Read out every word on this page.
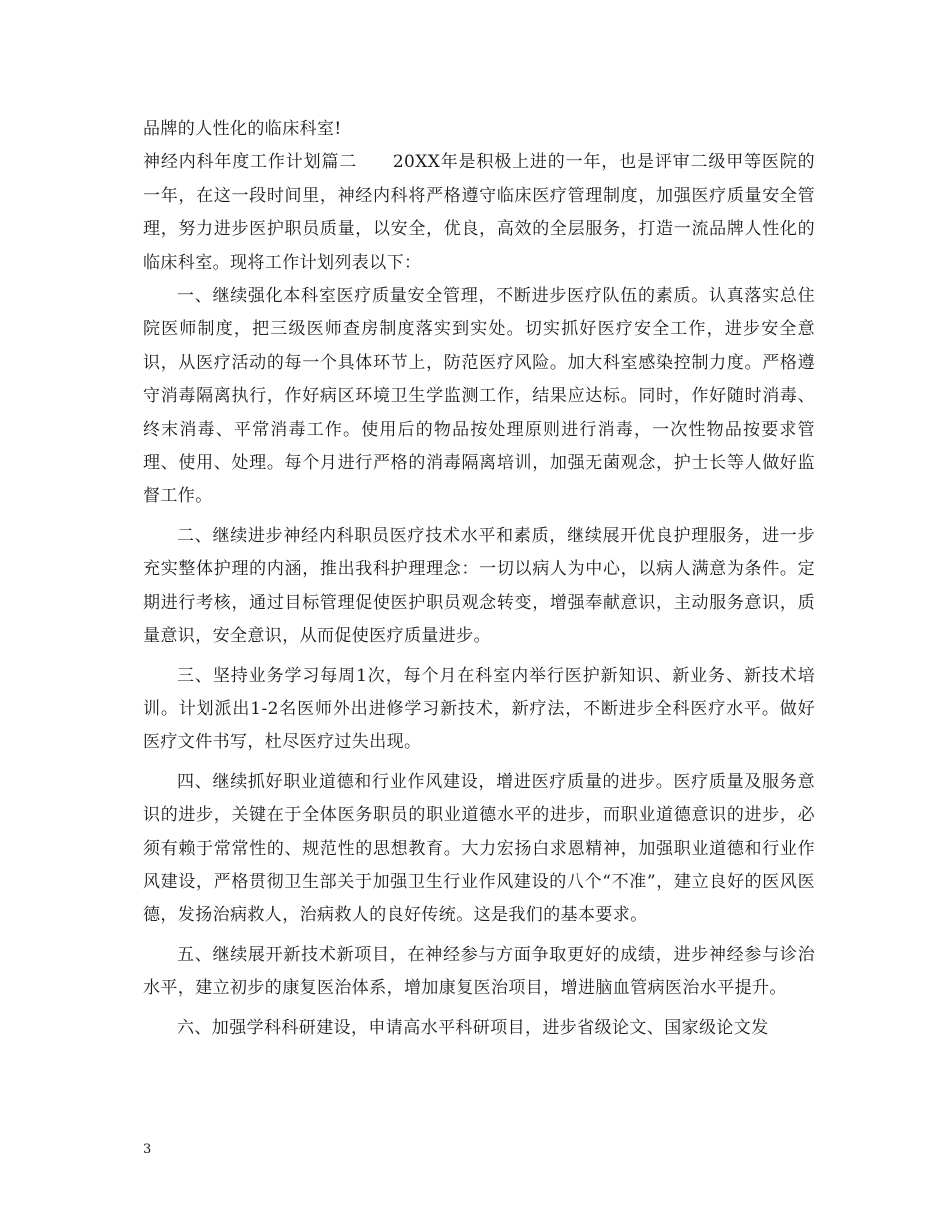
品牌的人性化的临床科室!

神经内科年度工作计划篇二　　20XX年是积极上进的一年，也是评审二级甲等医院的一年，在这一段时间里，神经内科将严格遵守临床医疗管理制度，加强医疗质量安全管理，努力进步医护职员质量，以安全，优良，高效的全层服务，打造一流品牌人性化的临床科室。现将工作计划列表以下：

一、继续强化本科室医疗质量安全管理，不断进步医疗队伍的素质。认真落实总住院医师制度，把三级医师查房制度落实到实处。切实抓好医疗安全工作，进步安全意识，从医疗活动的每一个具体环节上，防范医疗风险。加大科室感染控制力度。严格遵守消毒隔离执行，作好病区环境卫生学监测工作，结果应达标。同时，作好随时消毒、终末消毒、平常消毒工作。使用后的物品按处理原则进行消毒，一次性物品按要求管理、使用、处理。每个月进行严格的消毒隔离培训，加强无菌观念，护士长等人做好监督工作。

二、继续进步神经内科职员医疗技术水平和素质，继续展开优良护理服务，进一步充实整体护理的内涵，推出我科护理理念：一切以病人为中心，以病人满意为条件。定期进行考核，通过目标管理促使医护职员观念转变，增强奉献意识，主动服务意识，质量意识，安全意识，从而促使医疗质量进步。

三、坚持业务学习每周1次，每个月在科室内举行医护新知识、新业务、新技术培训。计划派出1-2名医师外出进修学习新技术，新疗法，不断进步全科医疗水平。做好医疗文件书写，杜尽医疗过失出现。

四、继续抓好职业道德和行业作风建设，增进医疗质量的进步。医疗质量及服务意识的进步，关键在于全体医务职员的职业道德水平的进步，而职业道德意识的进步，必须有赖于常常性的、规范性的思想教育。大力宏扬白求恩精神，加强职业道德和行业作风建设，严格贯彻卫生部关于加强卫生行业作风建设的八个“不准”，建立良好的医风医德，发扬治病救人，治病救人的良好传统。这是我们的基本要求。

五、继续展开新技术新项目，在神经参与方面争取更好的成绩，进步神经参与诊治水平，建立初步的康复医治体系，增加康复医治项目，增进脑血管病医治水平提升。

六、加强学科科研建设，申请高水平科研项目，进步省级论文、国家级论文发

3
